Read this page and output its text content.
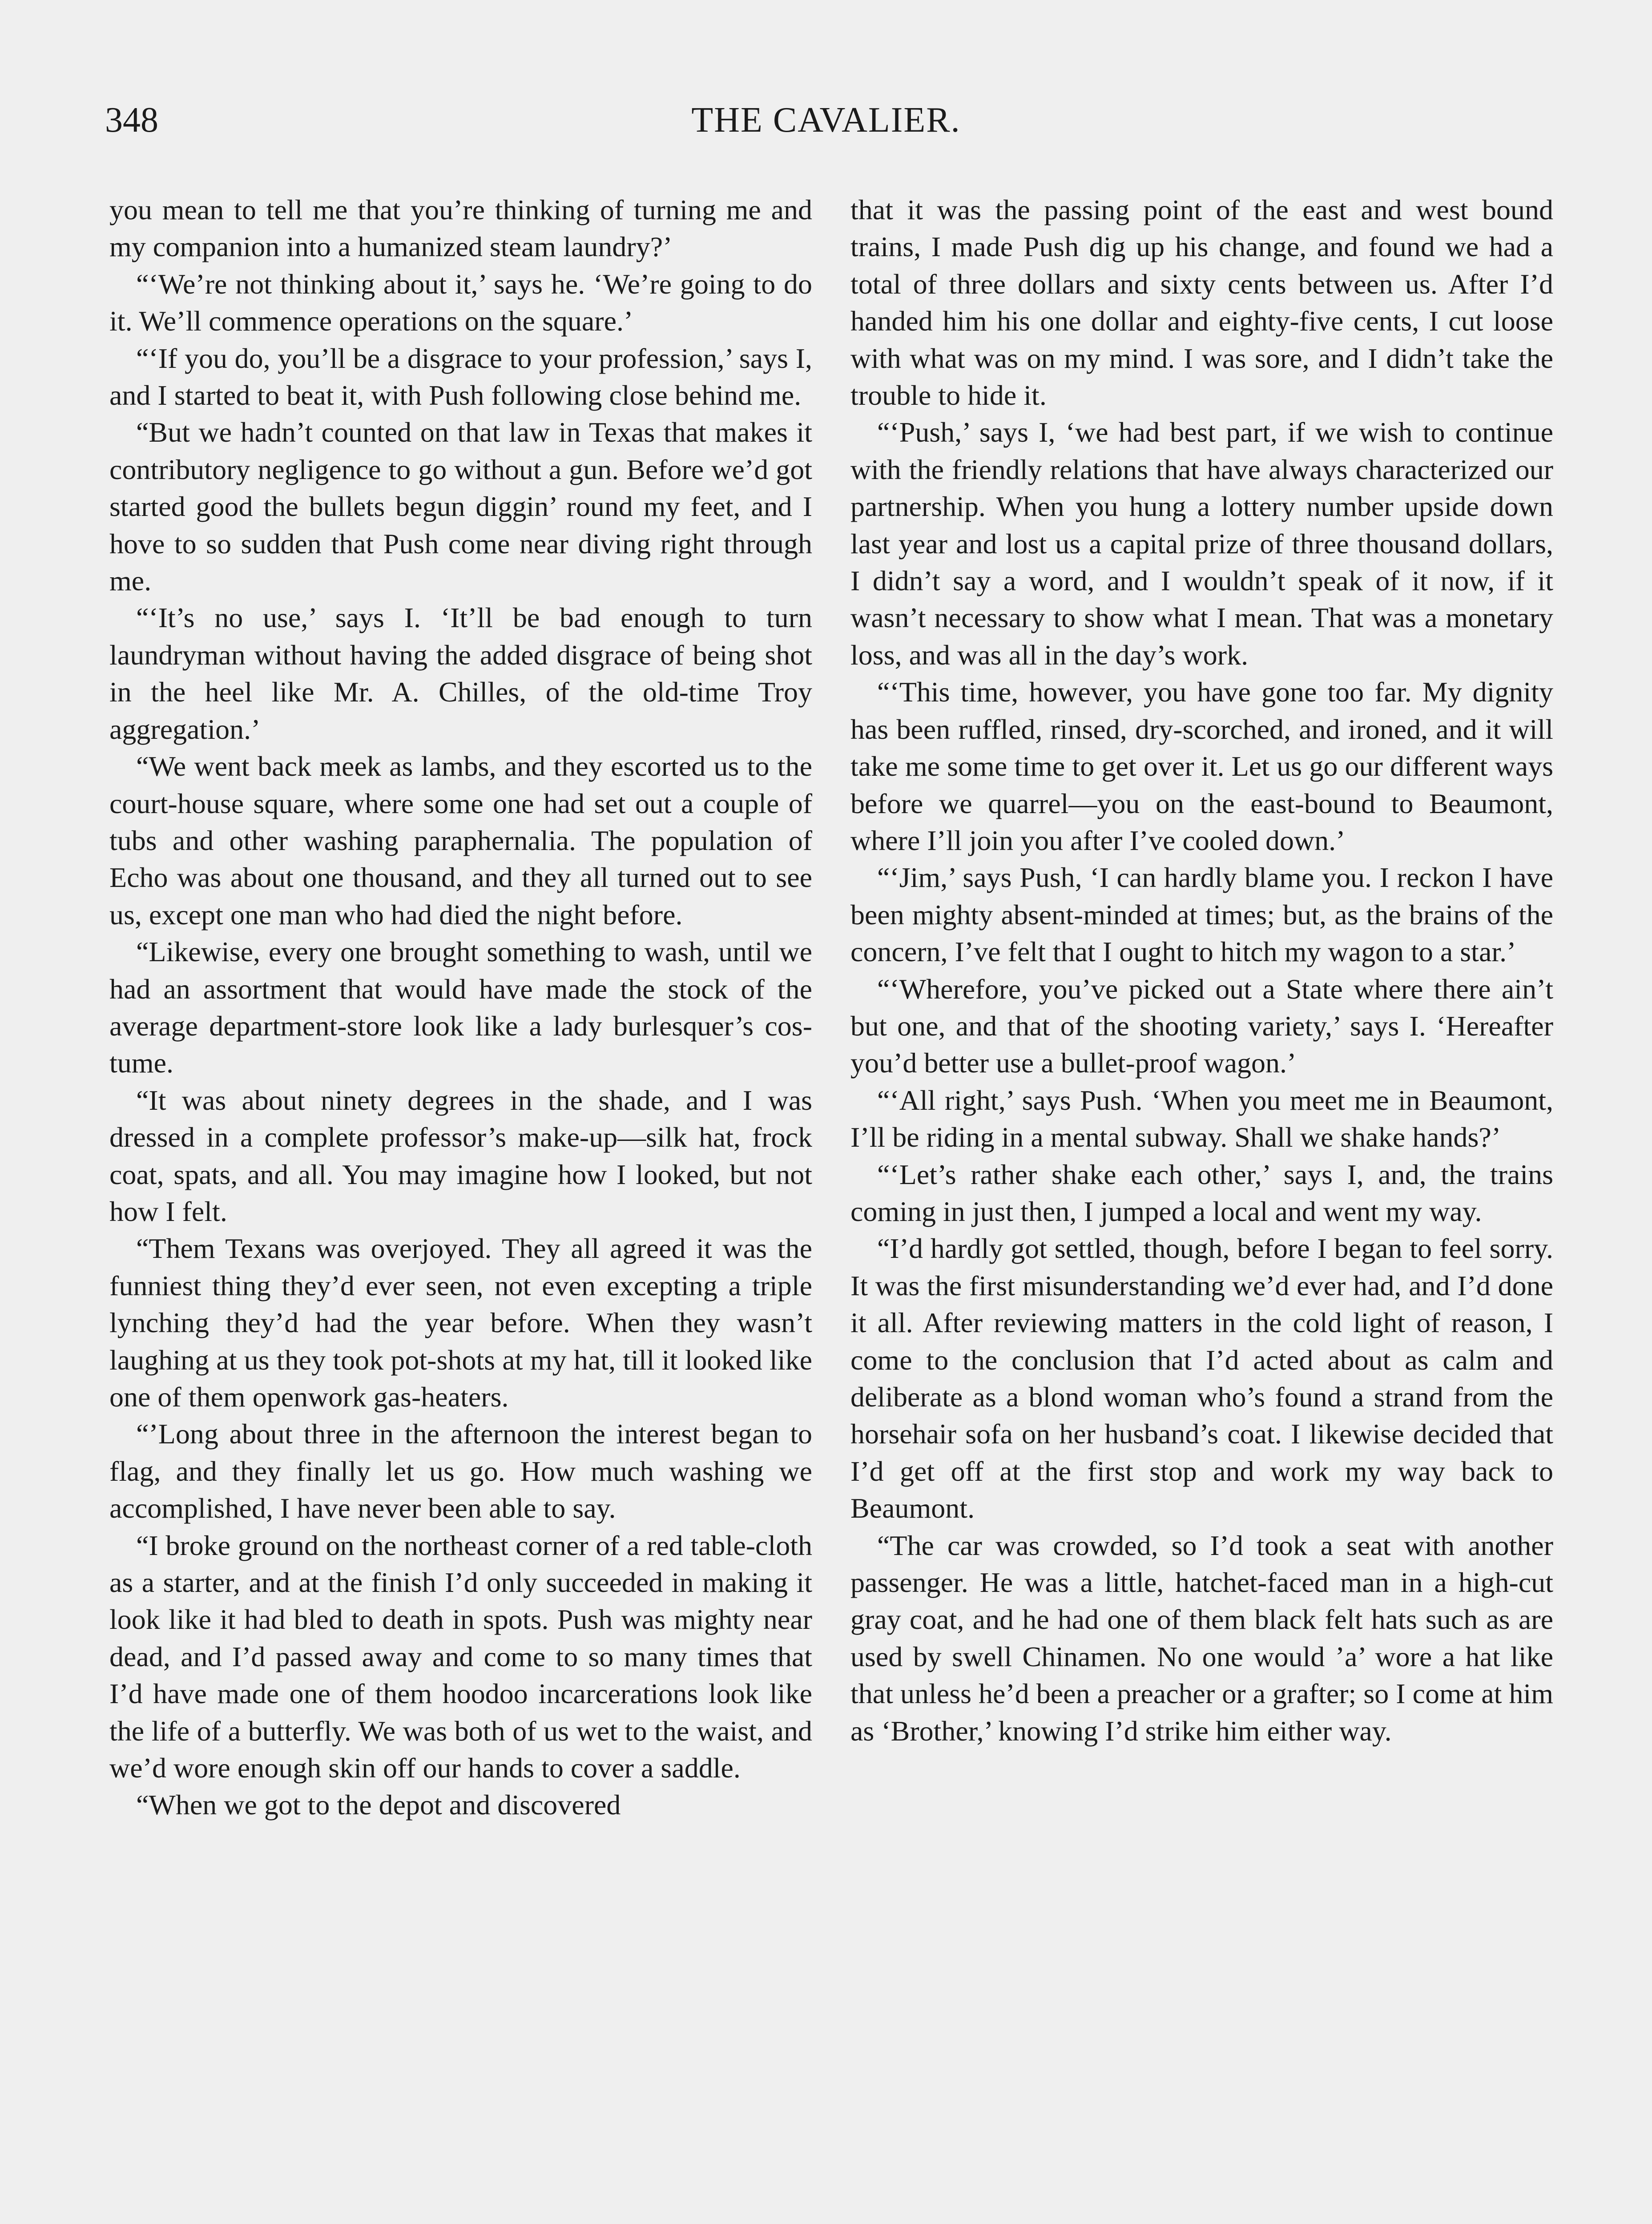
348	THE CAVALIER.

you mean to tell me that you’re thinking of turning me and my companion into a humanized steam laundry?’

“‘We’re not thinking about it,’ says he. ‘We’re going to do it. We’ll commence operations on the square.’

“‘If you do, you’ll be a disgrace to your profession,’ says I, and I started to beat it, with Push following close behind me.

“But we hadn’t counted on that law in Texas that makes it contributory negligence to go without a gun. Before we’d got started good the bullets begun diggin’ round my feet, and I hove to so sudden that Push come near diving right through me.

“‘It’s no use,’ says I. ‘It’ll be bad enough to turn laundryman without having the added disgrace of being shot in the heel like Mr. A. Chilles, of the old-time Troy aggregation.’

“We went back meek as lambs, and they escorted us to the court-house square, where some one had set out a couple of tubs and other washing paraphernalia. The population of Echo was about one thousand, and they all turned out to see us, except one man who had died the night before.

“Likewise, every one brought something to wash, until we had an assortment that would have made the stock of the average department-store look like a lady burlesquer’s costume.

“It was about ninety degrees in the shade, and I was dressed in a complete professor’s make-up—silk hat, frock coat, spats, and all. You may imagine how I looked, but not how I felt.

“Them Texans was overjoyed. They all agreed it was the funniest thing they’d ever seen, not even excepting a triple lynching they’d had the year before. When they wasn’t laughing at us they took pot-shots at my hat, till it looked like one of them openwork gas-heaters.

“’Long about three in the afternoon the interest began to flag, and they finally let us go. How much washing we accomplished, I have never been able to say.

“I broke ground on the northeast corner of a red table-cloth as a starter, and at the finish I’d only succeeded in making it look like it had bled to death in spots. Push was mighty near dead, and I’d passed away and come to so many times that I’d have made one of them hoodoo incarcerations look like the life of a butterfly. We was both of us wet to the waist, and we’d wore enough skin off our hands to cover a saddle.

“When we got to the depot and discovered

that it was the passing point of the east and west bound trains, I made Push dig up his change, and found we had a total of three dollars and sixty cents between us. After I’d handed him his one dollar and eighty-five cents, I cut loose with what was on my mind. I was sore, and I didn’t take the trouble to hide it.

“‘Push,’ says I, ‘we had best part, if we wish to continue with the friendly relations that have always characterized our partnership. When you hung a lottery number upside down last year and lost us a capital prize of three thousand dollars, I didn’t say a word, and I wouldn’t speak of it now, if it wasn’t necessary to show what I mean. That was a monetary loss, and was all in the day’s work.

“‘This time, however, you have gone too far. My dignity has been ruffled, rinsed, dry-scorched, and ironed, and it will take me some time to get over it. Let us go our different ways before we quarrel—you on the east-bound to Beaumont, where I’ll join you after I’ve cooled down.’

“‘Jim,’ says Push, ‘I can hardly blame you. I reckon I have been mighty absent-minded at times; but, as the brains of the concern, I’ve felt that I ought to hitch my wagon to a star.’

“‘Wherefore, you’ve picked out a State where there ain’t but one, and that of the shooting variety,’ says I. ‘Hereafter you’d better use a bullet-proof wagon.’

“‘All right,’ says Push. ‘When you meet me in Beaumont, I’ll be riding in a mental subway. Shall we shake hands?’

“‘Let’s rather shake each other,’ says I, and, the trains coming in just then, I jumped a local and went my way.

“I’d hardly got settled, though, before I began to feel sorry. It was the first misunderstanding we’d ever had, and I’d done it all. After reviewing matters in the cold light of reason, I come to the conclusion that I’d acted about as calm and deliberate as a blond woman who’s found a strand from the horsehair sofa on her husband’s coat. I likewise decided that I’d get off at the first stop and work my way back to Beaumont.

“The car was crowded, so I’d took a seat with another passenger. He was a little, hatchet-faced man in a high-cut gray coat, and he had one of them black felt hats such as are used by swell Chinamen. No one would ’a’ wore a hat like that unless he’d been a preacher or a grafter; so I come at him as ‘Brother,’ knowing I’d strike him either way.
